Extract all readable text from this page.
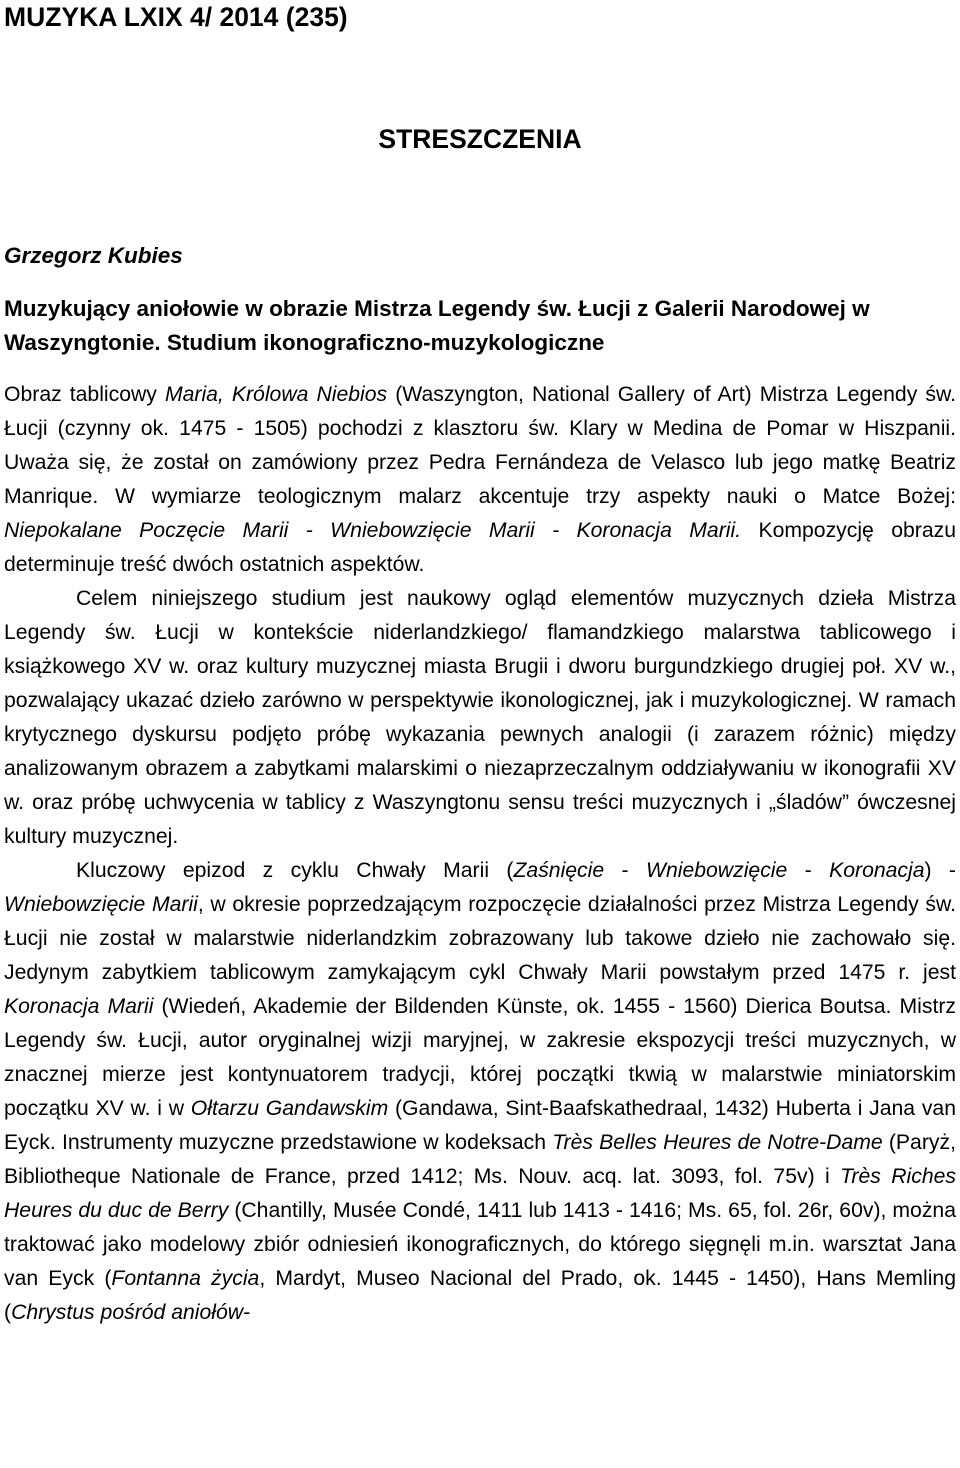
MUZYKA LXIX 4/ 2014 (235)
STRESZCZENIA
Grzegorz Kubies
Muzykujący aniołowie w obrazie Mistrza Legendy św. Łucji z Galerii Narodowej w Waszyngtonie. Studium ikonograficzno-muzykologiczne

Obraz tablicowy Maria, Królowa Niebios (Waszyngton, National Gallery of Art) Mistrza Legendy św. Łucji (czynny ok. 1475 - 1505) pochodzi z klasztoru św. Klary w Medina de Pomar w Hiszpanii. Uważa się, że został on zamówiony przez Pedra Fernándeza de Velasco lub jego matkę Beatriz Manrique. W wymiarze teologicznym malarz akcentuje trzy aspekty nauki o Matce Bożej: Niepokalane Poczęcie Marii - Wniebowzięcie Marii - Koronacja Marii. Kompozycję obrazu determinuje treść dwóch ostatnich aspektów.

Celem niniejszego studium jest naukowy ogląd elementów muzycznych dzieła Mistrza Legendy św. Łucji w kontekście niderlandzkiego/ flamandzkiego malarstwa tablicowego i książkowego XV w. oraz kultury muzycznej miasta Brugii i dworu burgundzkiego drugiej poł. XV w., pozwalający ukazać dzieło zarówno w perspektywie ikonologicznej, jak i muzykologicznej. W ramach krytycznego dyskursu podjęto próbę wykazania pewnych analogii (i zarazem różnic) między analizowanym obrazem a zabytkami malarskimi o niezaprzeczalnym oddziaływaniu w ikonografii XV w. oraz próbę uchwycenia w tablicy z Waszyngtonu sensu treści muzycznych i „śladów” ówczesnej kultury muzycznej.

Kluczowy epizod z cyklu Chwały Marii (Zaśnięcie - Wniebowzięcie - Koronacja) - Wniebowzięcie Marii, w okresie poprzedzającym rozpoczęcie działalności przez Mistrza Legendy św. Łucji nie został w malarstwie niderlandzkim zobrazowany lub takowe dzieło nie zachowało się. Jedynym zabytkiem tablicowym zamykającym cykl Chwały Marii powstałym przed 1475 r. jest Koronacja Marii (Wiedeń, Akademie der Bildenden Künste, ok. 1455 - 1560) Dierica Boutsa. Mistrz Legendy św. Łucji, autor oryginalnej wizji maryjnej, w zakresie ekspozycji treści muzycznych, w znacznej mierze jest kontynuatorem tradycji, której początki tkwią w malarstwie miniatorskim początku XV w. i w Ołtarzu Gandawskim (Gandawa, Sint-Baafskathedraal, 1432) Huberta i Jana van Eyck. Instrumenty muzyczne przedstawione w kodeksach Très Belles Heures de Notre-Dame (Paryż, Bibliotheque Nationale de France, przed 1412; Ms. Nouv. acq. lat. 3093, fol. 75v) i Très Riches Heures du duc de Berry (Chantilly, Musée Condé, 1411 lub 1413 - 1416; Ms. 65, fol. 26r, 60v), można traktować jako modelowy zbiór odniesień ikonograficznych, do którego sięgnęli m.in. warsztat Jana van Eyck (Fontanna życia, Mardyt, Museo Nacional del Prado, ok. 1445 - 1450), Hans Memling (Chrystus pośród aniołów-
